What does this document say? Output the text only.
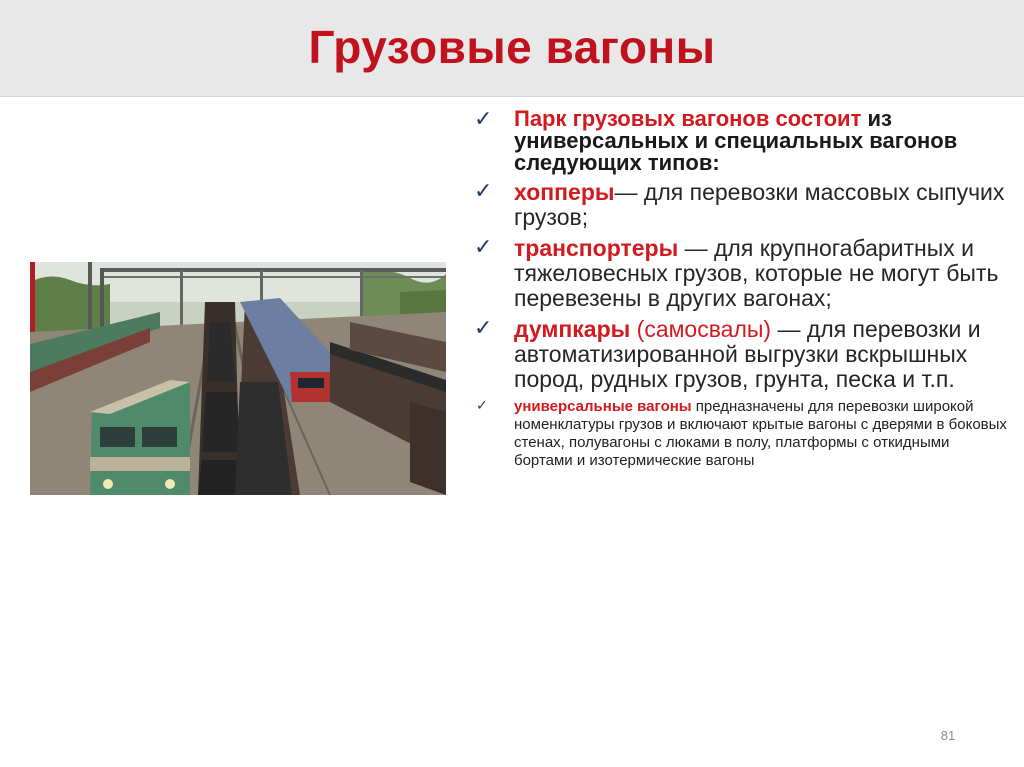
Грузовые вагоны
✓ Парк грузовых вагонов состоит из универсальных и специальных вагонов следующих типов:
✓ хопперы— для перевозки массовых сыпучих грузов;
✓ транспортеры — для крупногабаритных и тяжеловесных грузов, которые не могут быть перевезены в других вагонах;
✓ думпкары (самосвалы) — для перевозки и автоматизированной выгрузки вскрышных пород, рудных грузов, грунта, песка и т.п.
✓ универсальные вагоны предназначены для перевозки широкой номенклатуры грузов и включают крытые вагоны с дверями в боковых стенах, полувагоны с люками в полу, платформы с откидными бортами и изотермические вагоны
81
